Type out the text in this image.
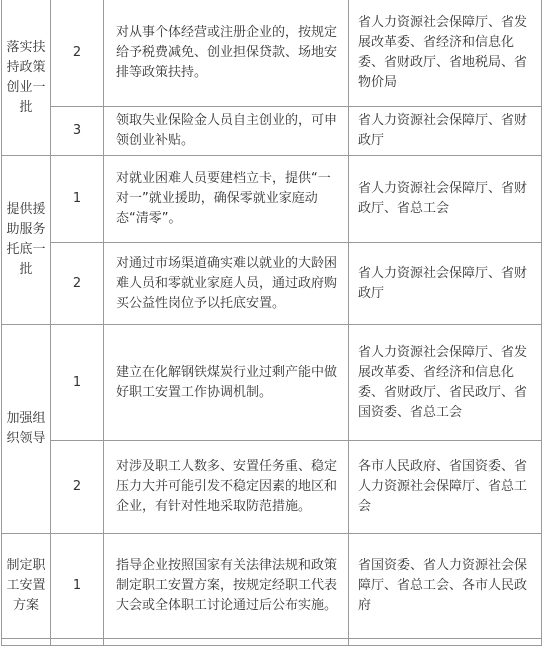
落实扶持政策创业一批	2	对从事个体经营或注册企业的，按规定给予税费减免、创业担保贷款、场地安排等政策扶持。	省人力资源社会保障厅、省发展改革委、省经济和信息化委、省财政厅、省地税局、省物价局
	3	领取失业保险金人员自主创业的，可申领创业补贴。	省人力资源社会保障厅、省财政厅
提供援助服务托底一批	1	对就业困难人员要建档立卡，提供“一对一”就业援助，确保零就业家庭动态“清零”。	省人力资源社会保障厅、省财政厅、省总工会
	2	对通过市场渠道确实难以就业的大龄困难人员和零就业家庭人员，通过政府购买公益性岗位予以托底安置。	省人力资源社会保障厅、省财政厅
加强组织领导	1	建立在化解钢铁煤炭行业过剩产能中做好职工安置工作协调机制。	省人力资源社会保障厅、省发展改革委、省经济和信息化委、省财政厅、省民政厅、省国资委、省总工会
	2	对涉及职工人数多、安置任务重、稳定压力大并可能引发不稳定因素的地区和企业，有针对性地采取防范措施。	各市人民政府、省国资委、省人力资源社会保障厅、省总工会
制定职工安置方案	1	指导企业按照国家有关法律法规和政策制定职工安置方案，按规定经职工代表大会或全体职工讨论通过后公布实施。	省国资委、省人力资源社会保障厅、省总工会、各市人民政府
